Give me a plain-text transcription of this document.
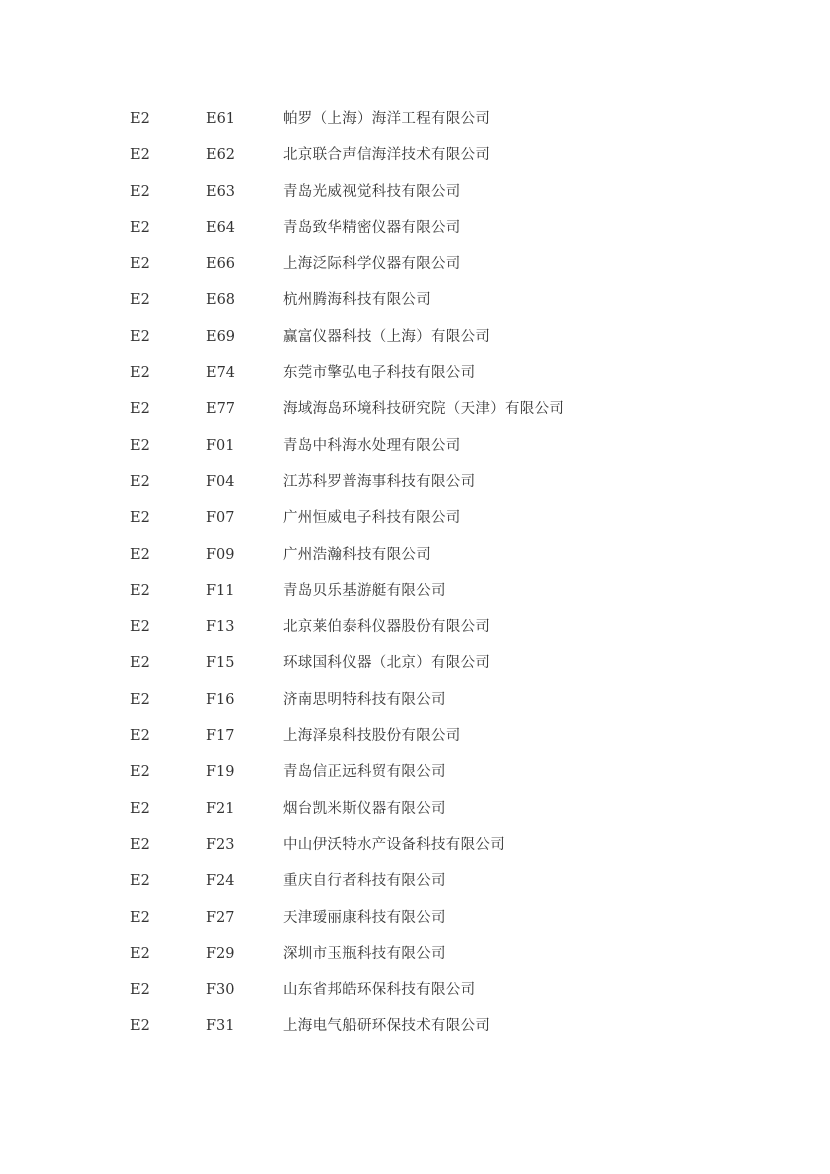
E2	E61	帕罗（上海）海洋工程有限公司
E2	E62	北京联合声信海洋技术有限公司
E2	E63	青岛光威视觉科技有限公司
E2	E64	青岛致华精密仪器有限公司
E2	E66	上海泛际科学仪器有限公司
E2	E68	杭州腾海科技有限公司
E2	E69	赢富仪器科技（上海）有限公司
E2	E74	东莞市擎弘电子科技有限公司
E2	E77	海域海岛环境科技研究院（天津）有限公司
E2	F01	青岛中科海水处理有限公司
E2	F04	江苏科罗普海事科技有限公司
E2	F07	广州恒威电子科技有限公司
E2	F09	广州浩瀚科技有限公司
E2	F11	青岛贝乐基游艇有限公司
E2	F13	北京莱伯泰科仪器股份有限公司
E2	F15	环球国科仪器（北京）有限公司
E2	F16	济南思明特科技有限公司
E2	F17	上海泽泉科技股份有限公司
E2	F19	青岛信正远科贸有限公司
E2	F21	烟台凯米斯仪器有限公司
E2	F23	中山伊沃特水产设备科技有限公司
E2	F24	重庆自行者科技有限公司
E2	F27	天津瑷丽康科技有限公司
E2	F29	深圳市玉瓶科技有限公司
E2	F30	山东省邦皓环保科技有限公司
E2	F31	上海电气船研环保技术有限公司
